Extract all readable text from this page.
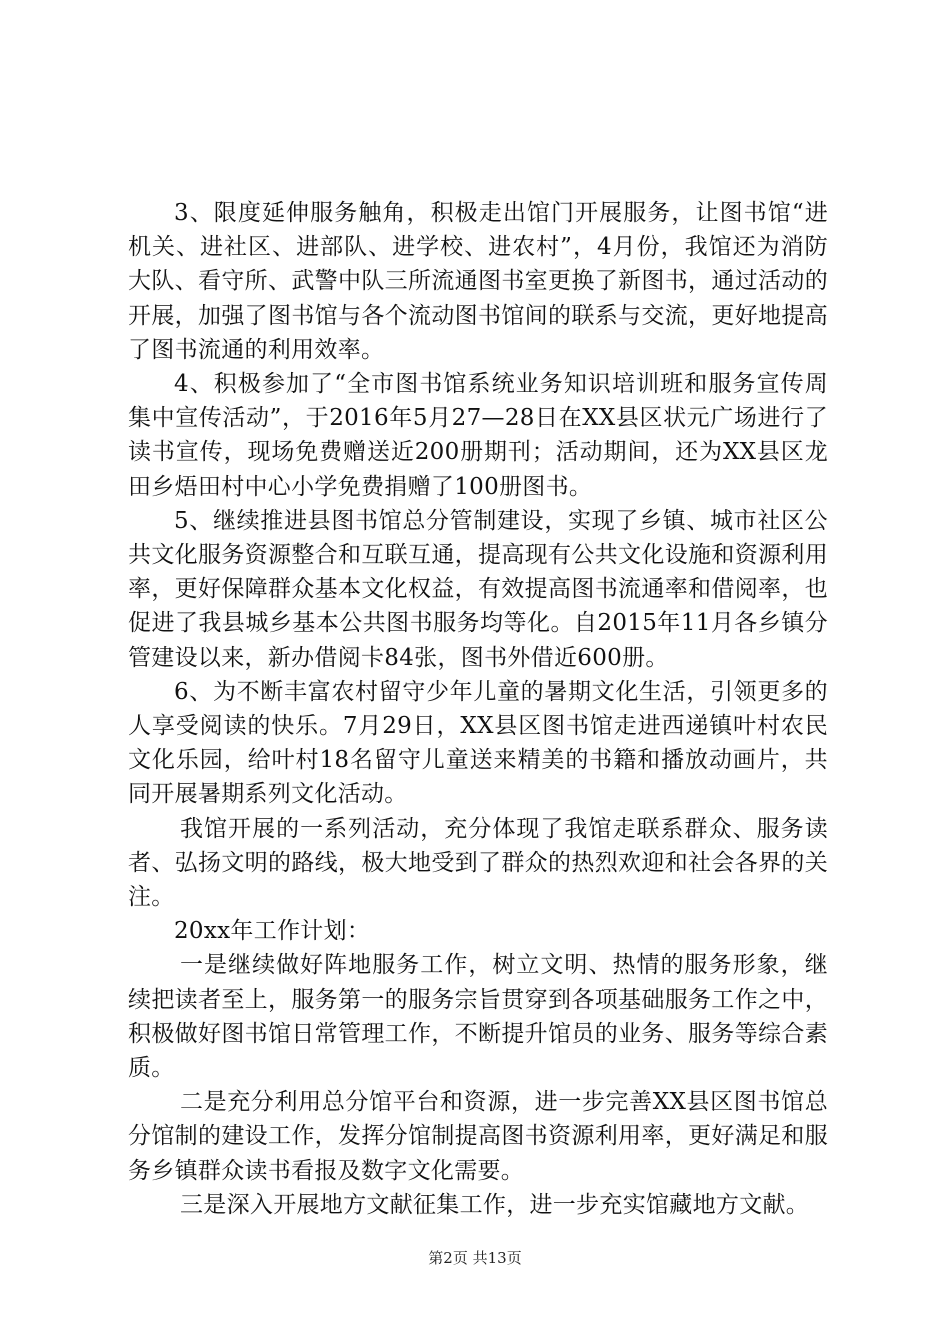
3、限度延伸服务触角，积极走出馆门开展服务，让图书馆“进机关、进社区、进部队、进学校、进农村”，4月份，我馆还为消防大队、看守所、武警中队三所流通图书室更换了新图书，通过活动的开展，加强了图书馆与各个流动图书馆间的联系与交流，更好地提高了图书流通的利用效率。

4、积极参加了“全市图书馆系统业务知识培训班和服务宣传周集中宣传活动”，于2016年5月27—28日在XX县区状元广场进行了读书宣传，现场免费赠送近200册期刊；活动期间，还为XX县区龙田乡焐田村中心小学免费捐赠了100册图书。

5、继续推进县图书馆总分管制建设，实现了乡镇、城市社区公共文化服务资源整合和互联互通，提高现有公共文化设施和资源利用率，更好保障群众基本文化权益，有效提高图书流通率和借阅率，也促进了我县城乡基本公共图书服务均等化。自2015年11月各乡镇分管建设以来，新办借阅卡84张，图书外借近600册。

6、为不断丰富农村留守少年儿童的暑期文化生活，引领更多的人享受阅读的快乐。7月29日，XX县区图书馆走进西递镇叶村农民文化乐园，给叶村18名留守儿童送来精美的书籍和播放动画片，共同开展暑期系列文化活动。

我馆开展的一系列活动，充分体现了我馆走联系群众、服务读者、弘扬文明的路线，极大地受到了群众的热烈欢迎和社会各界的关注。

20xx年工作计划：

一是继续做好阵地服务工作，树立文明、热情的服务形象，继续把读者至上，服务第一的服务宗旨贯穿到各项基础服务工作之中，积极做好图书馆日常管理工作，不断提升馆员的业务、服务等综合素质。

二是充分利用总分馆平台和资源，进一步完善XX县区图书馆总分馆制的建设工作，发挥分馆制提高图书资源利用率，更好满足和服务乡镇群众读书看报及数字文化需要。

三是深入开展地方文献征集工作，进一步充实馆藏地方文献。

第2页 共13页
